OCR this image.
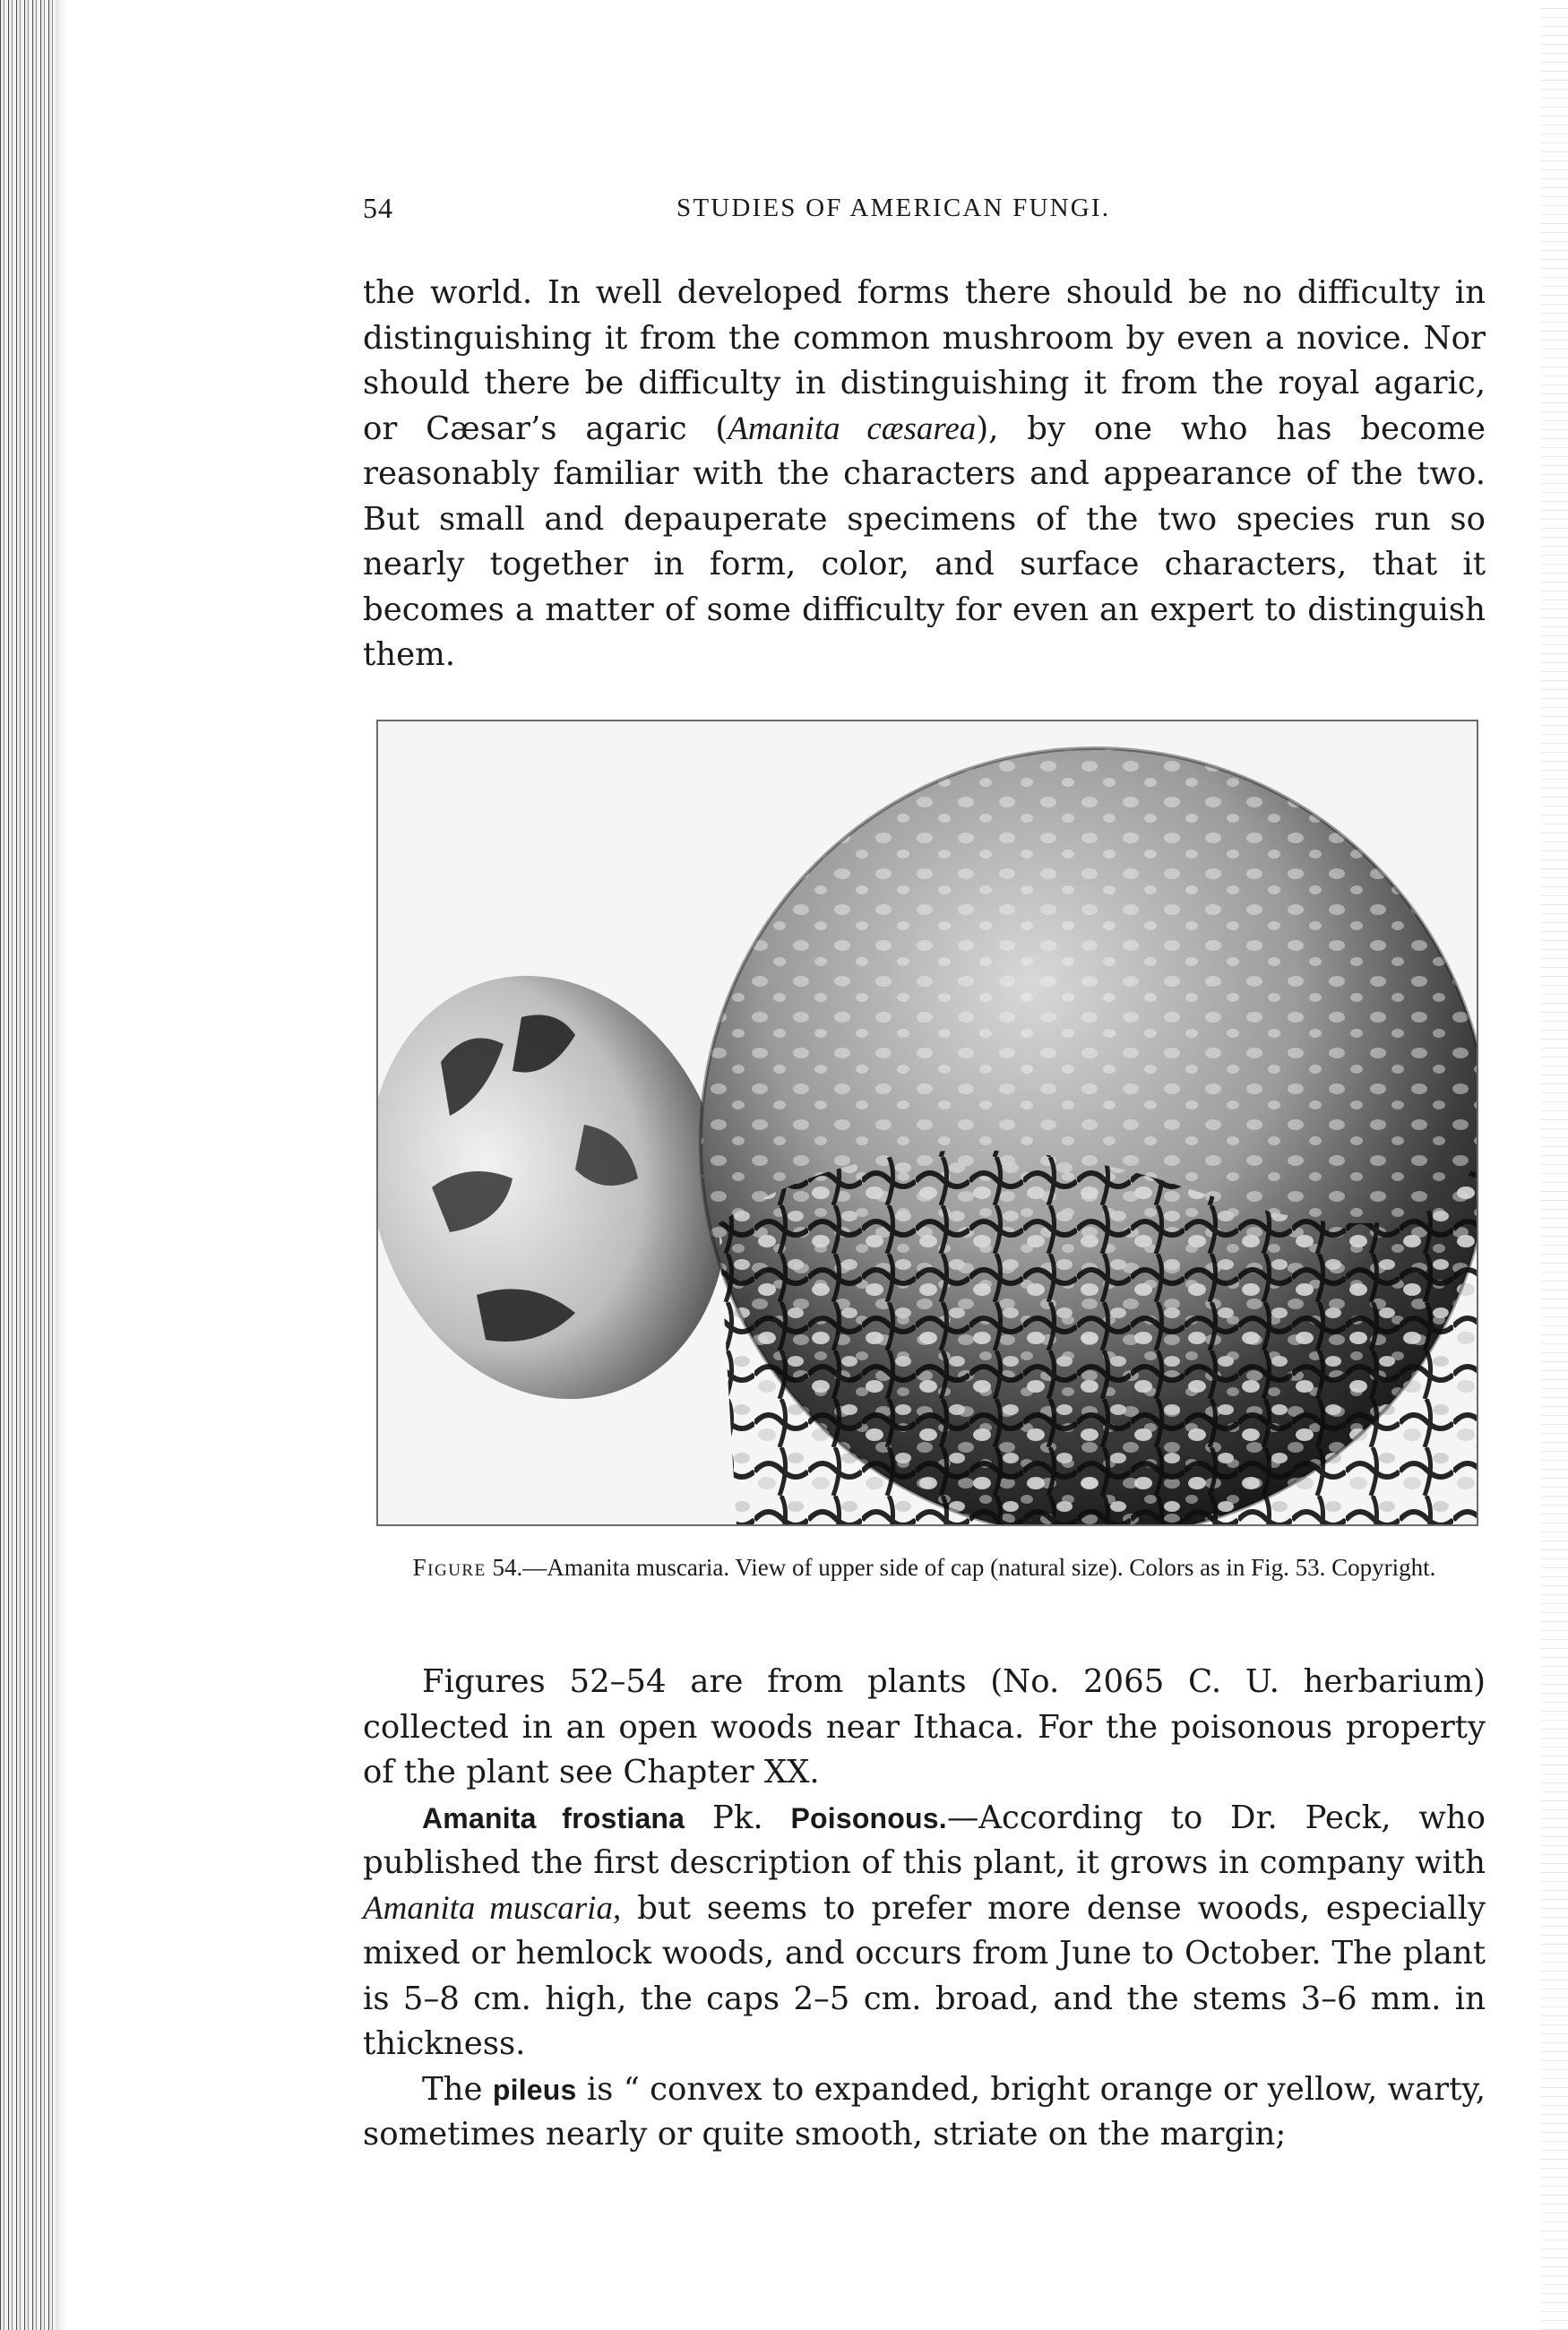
54	STUDIES OF AMERICAN FUNGI.

the world. In well developed forms there should be no difficulty in distinguishing it from the common mushroom by even a novice. Nor should there be difficulty in distinguishing it from the royal agaric, or Cæsar’s agaric (Amanita cæsarea), by one who has become reasonably familiar with the characters and appearance of the two. But small and depauperate specimens of the two species run so nearly together in form, color, and surface characters, that it becomes a matter of some difficulty for even an expert to distinguish them.

Figure 54.—Amanita muscaria. View of upper side of cap (natural size). Colors as in Fig. 53. Copyright.

Figures 52–54 are from plants (No. 2065 C. U. herbarium) collected in an open woods near Ithaca. For the poisonous property of the plant see Chapter XX.

Amanita frostiana Pk. Poisonous.—According to Dr. Peck, who published the first description of this plant, it grows in company with Amanita muscaria, but seems to prefer more dense woods, especially mixed or hemlock woods, and occurs from June to October. The plant is 5–8 cm. high, the caps 2–5 cm. broad, and the stems 3–6 mm. in thickness.

The pileus is “ convex to expanded, bright orange or yellow, warty, sometimes nearly or quite smooth, striate on the margin;
